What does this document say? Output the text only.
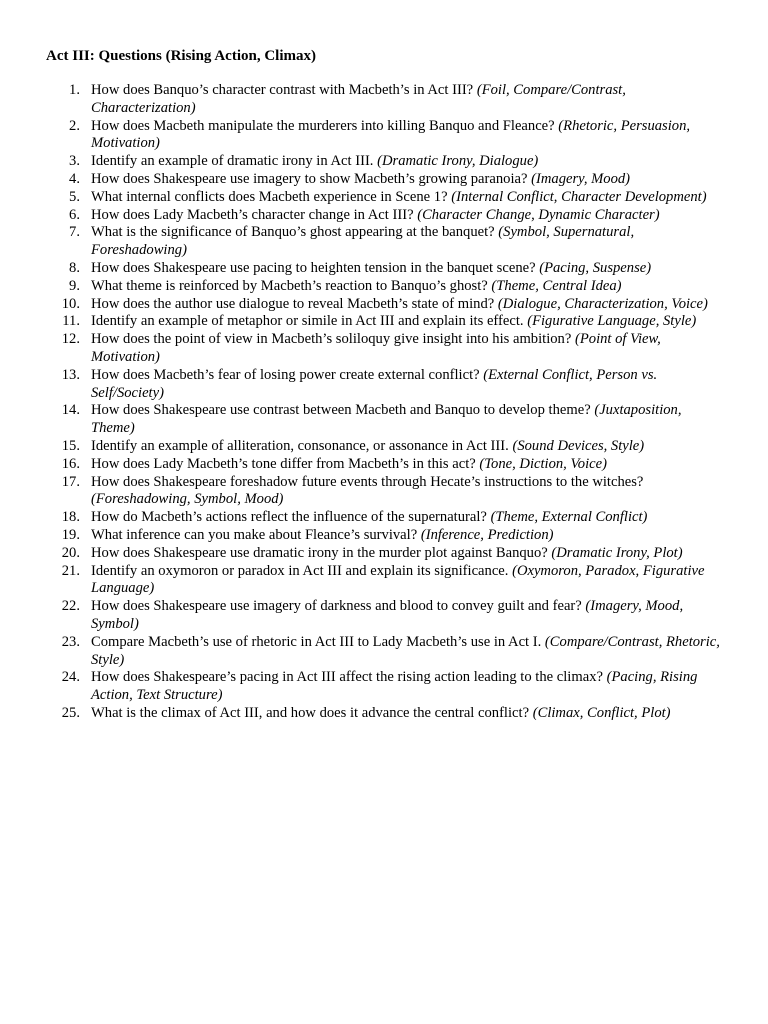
Act III: Questions (Rising Action, Climax)
1. How does Banquo’s character contrast with Macbeth’s in Act III? (Foil, Compare/Contrast, Characterization)
2. How does Macbeth manipulate the murderers into killing Banquo and Fleance? (Rhetoric, Persuasion, Motivation)
3. Identify an example of dramatic irony in Act III. (Dramatic Irony, Dialogue)
4. How does Shakespeare use imagery to show Macbeth’s growing paranoia? (Imagery, Mood)
5. What internal conflicts does Macbeth experience in Scene 1? (Internal Conflict, Character Development)
6. How does Lady Macbeth’s character change in Act III? (Character Change, Dynamic Character)
7. What is the significance of Banquo’s ghost appearing at the banquet? (Symbol, Supernatural, Foreshadowing)
8. How does Shakespeare use pacing to heighten tension in the banquet scene? (Pacing, Suspense)
9. What theme is reinforced by Macbeth’s reaction to Banquo’s ghost? (Theme, Central Idea)
10. How does the author use dialogue to reveal Macbeth’s state of mind? (Dialogue, Characterization, Voice)
11. Identify an example of metaphor or simile in Act III and explain its effect. (Figurative Language, Style)
12. How does the point of view in Macbeth’s soliloquy give insight into his ambition? (Point of View, Motivation)
13. How does Macbeth’s fear of losing power create external conflict? (External Conflict, Person vs. Self/Society)
14. How does Shakespeare use contrast between Macbeth and Banquo to develop theme? (Juxtaposition, Theme)
15. Identify an example of alliteration, consonance, or assonance in Act III. (Sound Devices, Style)
16. How does Lady Macbeth’s tone differ from Macbeth’s in this act? (Tone, Diction, Voice)
17. How does Shakespeare foreshadow future events through Hecate’s instructions to the witches? (Foreshadowing, Symbol, Mood)
18. How do Macbeth’s actions reflect the influence of the supernatural? (Theme, External Conflict)
19. What inference can you make about Fleance’s survival? (Inference, Prediction)
20. How does Shakespeare use dramatic irony in the murder plot against Banquo? (Dramatic Irony, Plot)
21. Identify an oxymoron or paradox in Act III and explain its significance. (Oxymoron, Paradox, Figurative Language)
22. How does Shakespeare use imagery of darkness and blood to convey guilt and fear? (Imagery, Mood, Symbol)
23. Compare Macbeth’s use of rhetoric in Act III to Lady Macbeth’s use in Act I. (Compare/Contrast, Rhetoric, Style)
24. How does Shakespeare’s pacing in Act III affect the rising action leading to the climax? (Pacing, Rising Action, Text Structure)
25. What is the climax of Act III, and how does it advance the central conflict? (Climax, Conflict, Plot)
